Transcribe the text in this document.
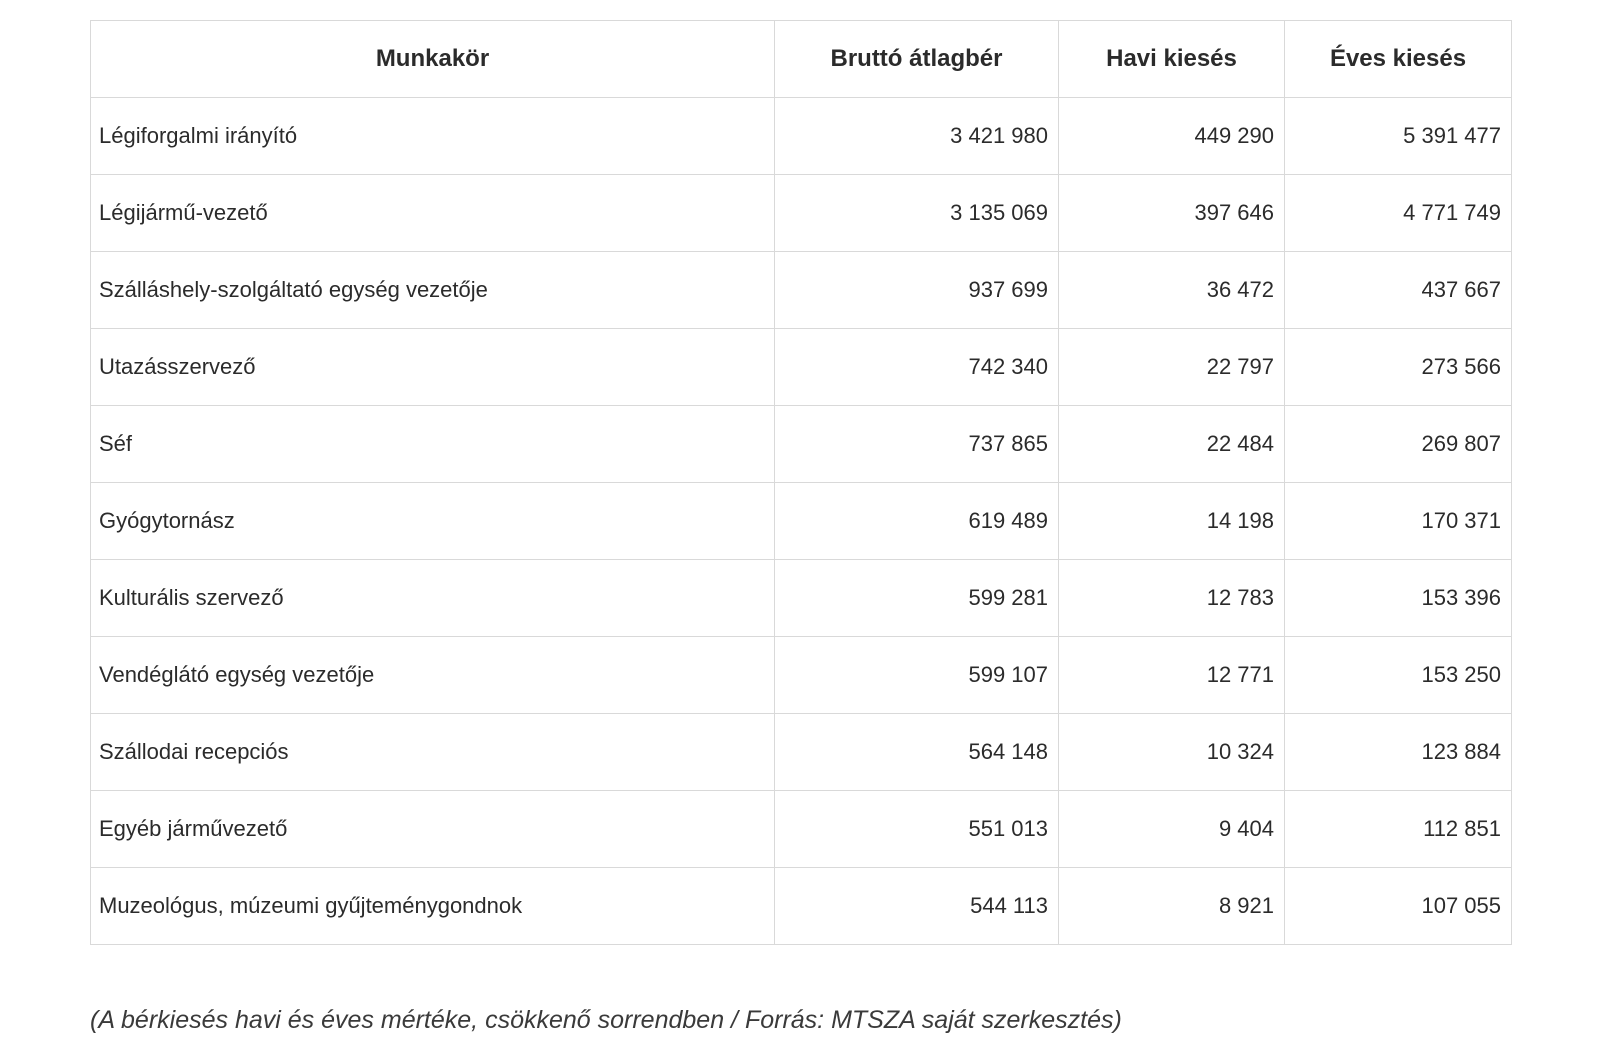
Munkakör	Bruttó átlagbér	Havi kiesés	Éves kiesés
Légiforgalmi irányító	3 421 980	449 290	5 391 477
Légijármű-vezető	3 135 069	397 646	4 771 749
Szálláshely-szolgáltató egység vezetője	937 699	36 472	437 667
Utazásszervező	742 340	22 797	273 566
Séf	737 865	22 484	269 807
Gyógytornász	619 489	14 198	170 371
Kulturális szervező	599 281	12 783	153 396
Vendéglátó egység vezetője	599 107	12 771	153 250
Szállodai recepciós	564 148	10 324	123 884
Egyéb járművezető	551 013	9 404	112 851
Muzeológus, múzeumi gyűjteménygondnok	544 113	8 921	107 055
(A bérkiesés havi és éves mértéke, csökkenő sorrendben / Forrás: MTSZA saját szerkesztés)
